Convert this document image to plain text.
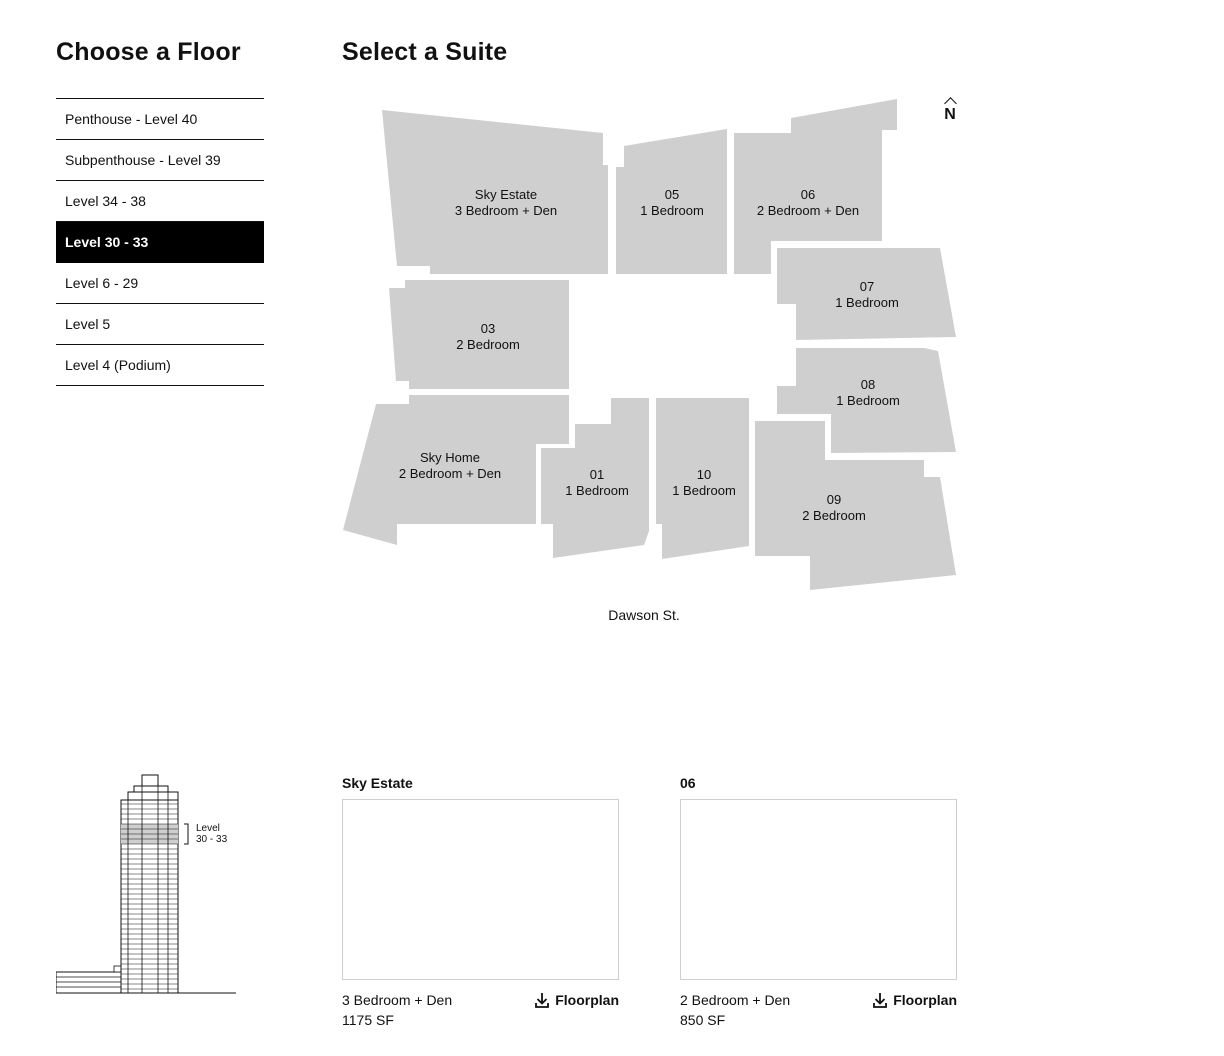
Choose a Floor	Select a Suite
Penthouse - Level 40
Subpenthouse - Level 39
Level 34 - 38
Level 30 - 33
Level 6 - 29
Level 5
Level 4 (Podium)
Sky Estate
3 Bedroom + Den
05
1 Bedroom
06
2 Bedroom + Den
07
1 Bedroom
03
2 Bedroom
08
1 Bedroom
Sky Home
2 Bedroom + Den	01
1 Bedroom
10
1 Bedroom
09
2 Bedroom
N
Dawson St.
Level
30 - 33
Sky Estate
3 Bedroom + Den
1175 SF
Floorplan
06
2 Bedroom + Den
850 SF
Floorplan
